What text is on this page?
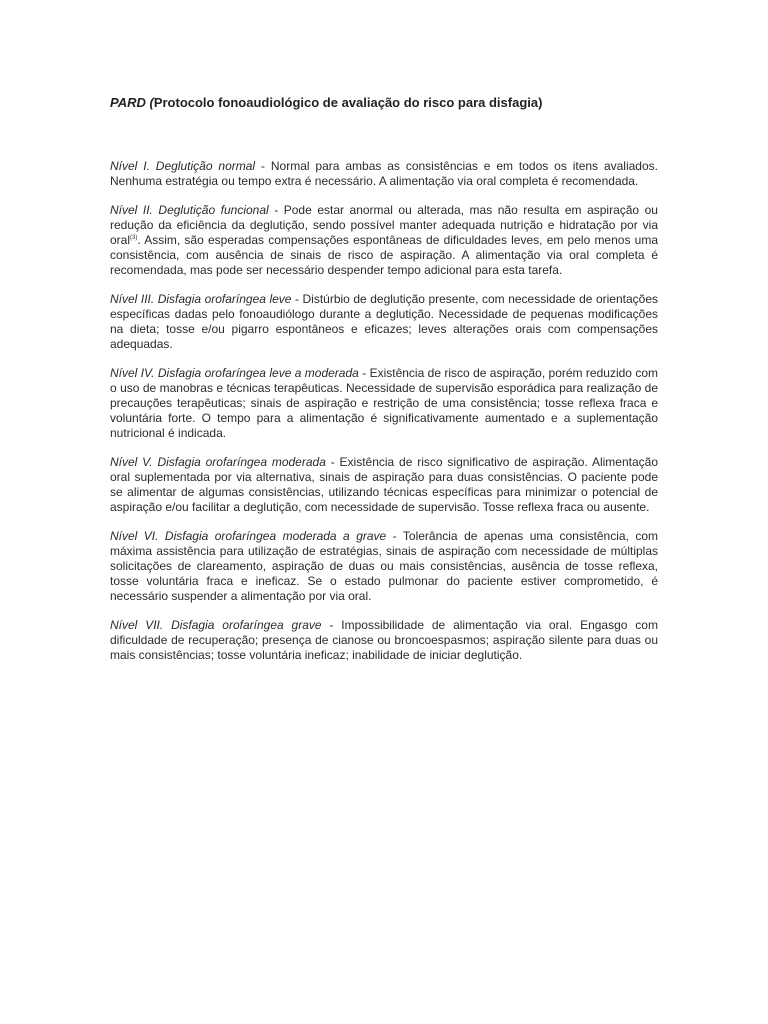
PARD (Protocolo fonoaudiológico de avaliação do risco para disfagia)

Nível I. Deglutição normal - Normal para ambas as consistências e em todos os itens avaliados. Nenhuma estratégia ou tempo extra é necessário. A alimentação via oral completa é recomendada.

Nível II. Deglutição funcional - Pode estar anormal ou alterada, mas não resulta em aspiração ou redução da eficiência da deglutição, sendo possível manter adequada nutrição e hidratação por via oral$^{(3)}$. Assim, são esperadas compensações espontâneas de dificuldades leves, em pelo menos uma consistência, com ausência de sinais de risco de aspiração. A alimentação via oral completa é recomendada, mas pode ser necessário despender tempo adicional para esta tarefa.

Nível III. Disfagia orofaríngea leve - Distúrbio de deglutição presente, com necessidade de orientações específicas dadas pelo fonoaudiólogo durante a deglutição. Necessidade de pequenas modificações na dieta; tosse e/ou pigarro espontâneos e eficazes; leves alterações orais com compensações adequadas.

Nível IV. Disfagia orofaríngea leve a moderada - Existência de risco de aspiração, porém reduzido com o uso de manobras e técnicas terapêuticas. Necessidade de supervisão esporádica para realização de precauções terapêuticas; sinais de aspiração e restrição de uma consistência; tosse reflexa fraca e voluntária forte. O tempo para a alimentação é significativamente aumentado e a suplementação nutricional é indicada.

Nível V. Disfagia orofaríngea moderada - Existência de risco significativo de aspiração. Alimentação oral suplementada por via alternativa, sinais de aspiração para duas consistências. O paciente pode se alimentar de algumas consistências, utilizando técnicas específicas para minimizar o potencial de aspiração e/ou facilitar a deglutição, com necessidade de supervisão. Tosse reflexa fraca ou ausente.

Nível VI. Disfagia orofaríngea moderada a grave - Tolerância de apenas uma consistência, com máxima assistência para utilização de estratégias, sinais de aspiração com necessidade de múltiplas solicitações de clareamento, aspiração de duas ou mais consistências, ausência de tosse reflexa, tosse voluntária fraca e ineficaz. Se o estado pulmonar do paciente estiver comprometido, é necessário suspender a alimentação por via oral.

Nível VII. Disfagia orofaríngea grave - Impossibilidade de alimentação via oral. Engasgo com dificuldade de recuperação; presença de cianose ou broncoespasmos; aspiração silente para duas ou mais consistências; tosse voluntária ineficaz; inabilidade de iniciar deglutição.
